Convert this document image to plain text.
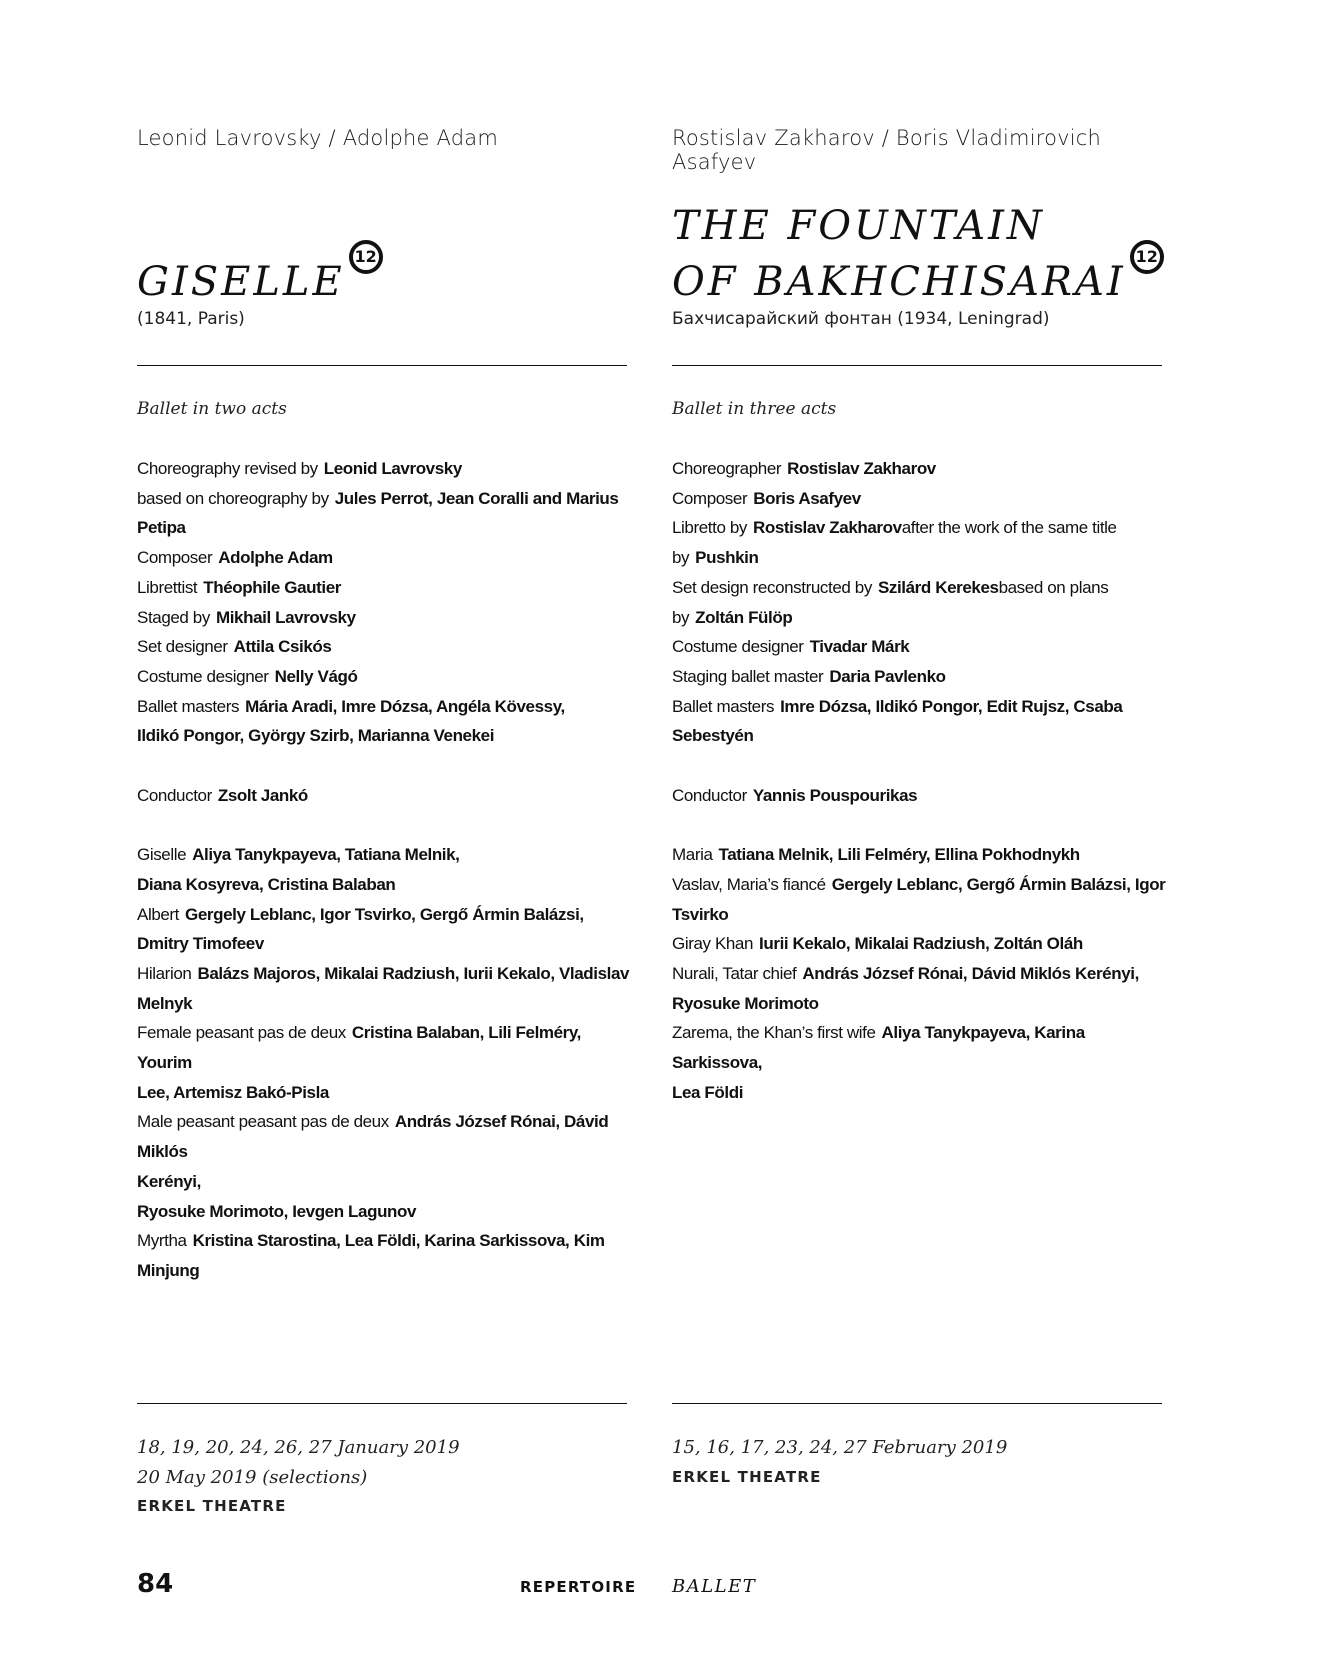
Leonid Lavrovsky / Adolphe Adam
GISELLE12
(1841, Paris)
Ballet in two acts
Choreography revised by Leonid Lavrovsky
based on choreography by Jules Perrot, Jean Coralli and Marius Petipa
Composer Adolphe Adam
Librettist Théophile Gautier
Staged by Mikhail Lavrovsky
Set designer Attila Csikós
Costume designer Nelly Vágó
Ballet masters Mária Aradi, Imre Dózsa, Angéla Kövessy,
Ildikó Pongor, György Szirb, Marianna Venekei
Conductor Zsolt Jankó
Giselle Aliya Tanykpayeva, Tatiana Melnik,
Diana Kosyreva, Cristina Balaban
Albert Gergely Leblanc, Igor Tsvirko, Gergő Ármin Balázsi,
Dmitry Timofeev
Hilarion Balázs Majoros, Mikalai Radziush, Iurii Kekalo, Vladislav Melnyk
Female peasant pas de deux Cristina Balaban, Lili Felméry, Yourim
Lee, Artemisz Bakó-Pisla
Male peasant peasant pas de deux András József Rónai, Dávid Miklós
Kerényi,
Ryosuke Morimoto, Ievgen Lagunov
Myrtha Kristina Starostina, Lea Földi, Karina Sarkissova, Kim Minjung
18, 19, 20, 24, 26, 27 January 2019
20 May 2019 (selections)
ERKEL THEATRE
Rostislav Zakharov / Boris Vladimirovich Asafyev
THE FOUNTAIN
OF BAKHCHISARAI12
Бахчисарайский фонтан (1934, Leningrad)
Ballet in three acts
Choreographer Rostislav Zakharov
Composer Boris Asafyev
Libretto by Rostislav Zakharovafter the work of the same title by Pushkin
Set design reconstructed by Szilárd Kerekesbased on plans by Zoltán Fülöp
Costume designer Tivadar Márk
Staging ballet master Daria Pavlenko
Ballet masters Imre Dózsa, Ildikó Pongor, Edit Rujsz, Csaba Sebestyén
Conductor Yannis Pouspourikas
Maria Tatiana Melnik, Lili Felméry, Ellina Pokhodnykh
Vaslav, Maria’s fiancé Gergely Leblanc, Gergő Ármin Balázsi, Igor Tsvirko
Giray Khan Iurii Kekalo, Mikalai Radziush, Zoltán Oláh
Nurali, Tatar chief András József Rónai, Dávid Miklós Kerényi,
Ryosuke Morimoto
Zarema, the Khan’s first wife Aliya Tanykpayeva, Karina Sarkissova,
Lea Földi
15, 16, 17, 23, 24, 27 February 2019
ERKEL THEATRE
84	REPERTOIRE BALLET
